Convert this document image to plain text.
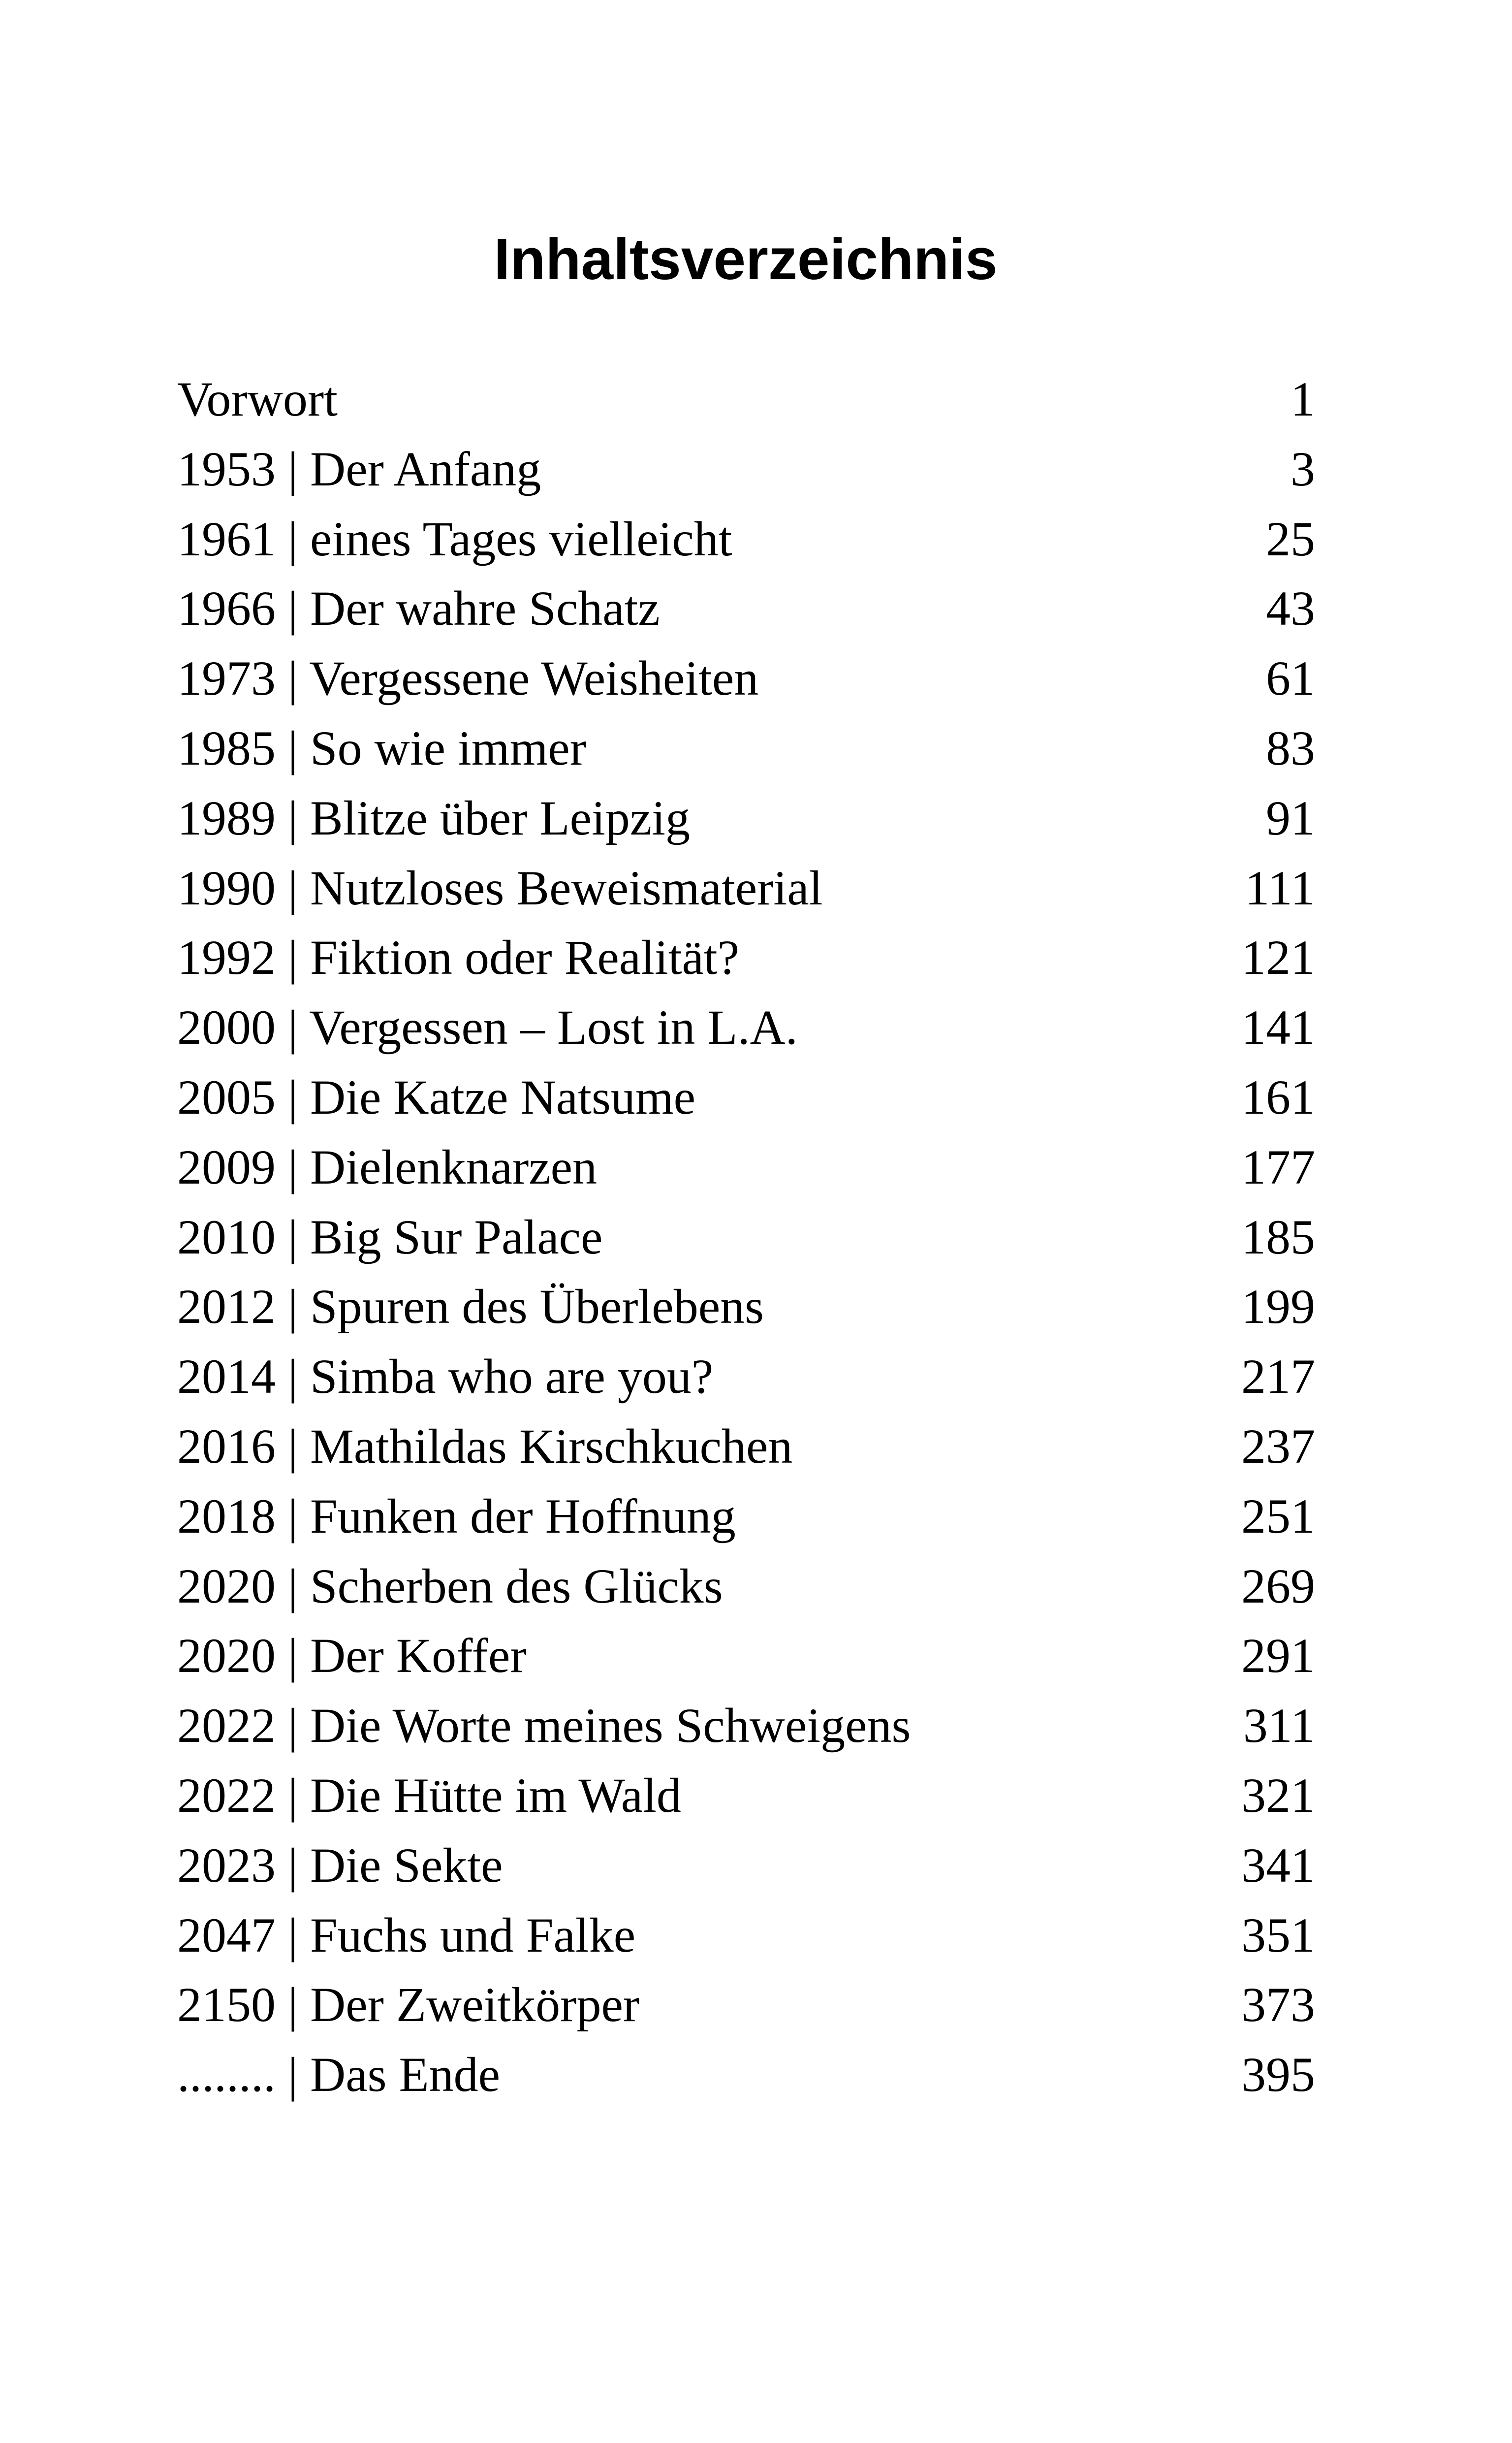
Inhaltsverzeichnis
Vorwort	1
1953 | Der Anfang	3
1961 | eines Tages vielleicht	25
1966 | Der wahre Schatz	43
1973 | Vergessene Weisheiten	61
1985 | So wie immer	83
1989 | Blitze über Leipzig	91
1990 | Nutzloses Beweismaterial	111
1992 | Fiktion oder Realität?	121
2000 | Vergessen – Lost in L.A.	141
2005 | Die Katze Natsume	161
2009 | Dielenknarzen	177
2010 | Big Sur Palace	185
2012 | Spuren des Überlebens	199
2014 | Simba who are you?	217
2016 | Mathildas Kirschkuchen	237
2018 | Funken der Hoffnung	251
2020 | Scherben des Glücks	269
2020 | Der Koffer	291
2022 | Die Worte meines Schweigens	311
2022 | Die Hütte im Wald	321
2023 | Die Sekte	341
2047 | Fuchs und Falke	351
2150 | Der Zweitkörper	373
........ | Das Ende	395
